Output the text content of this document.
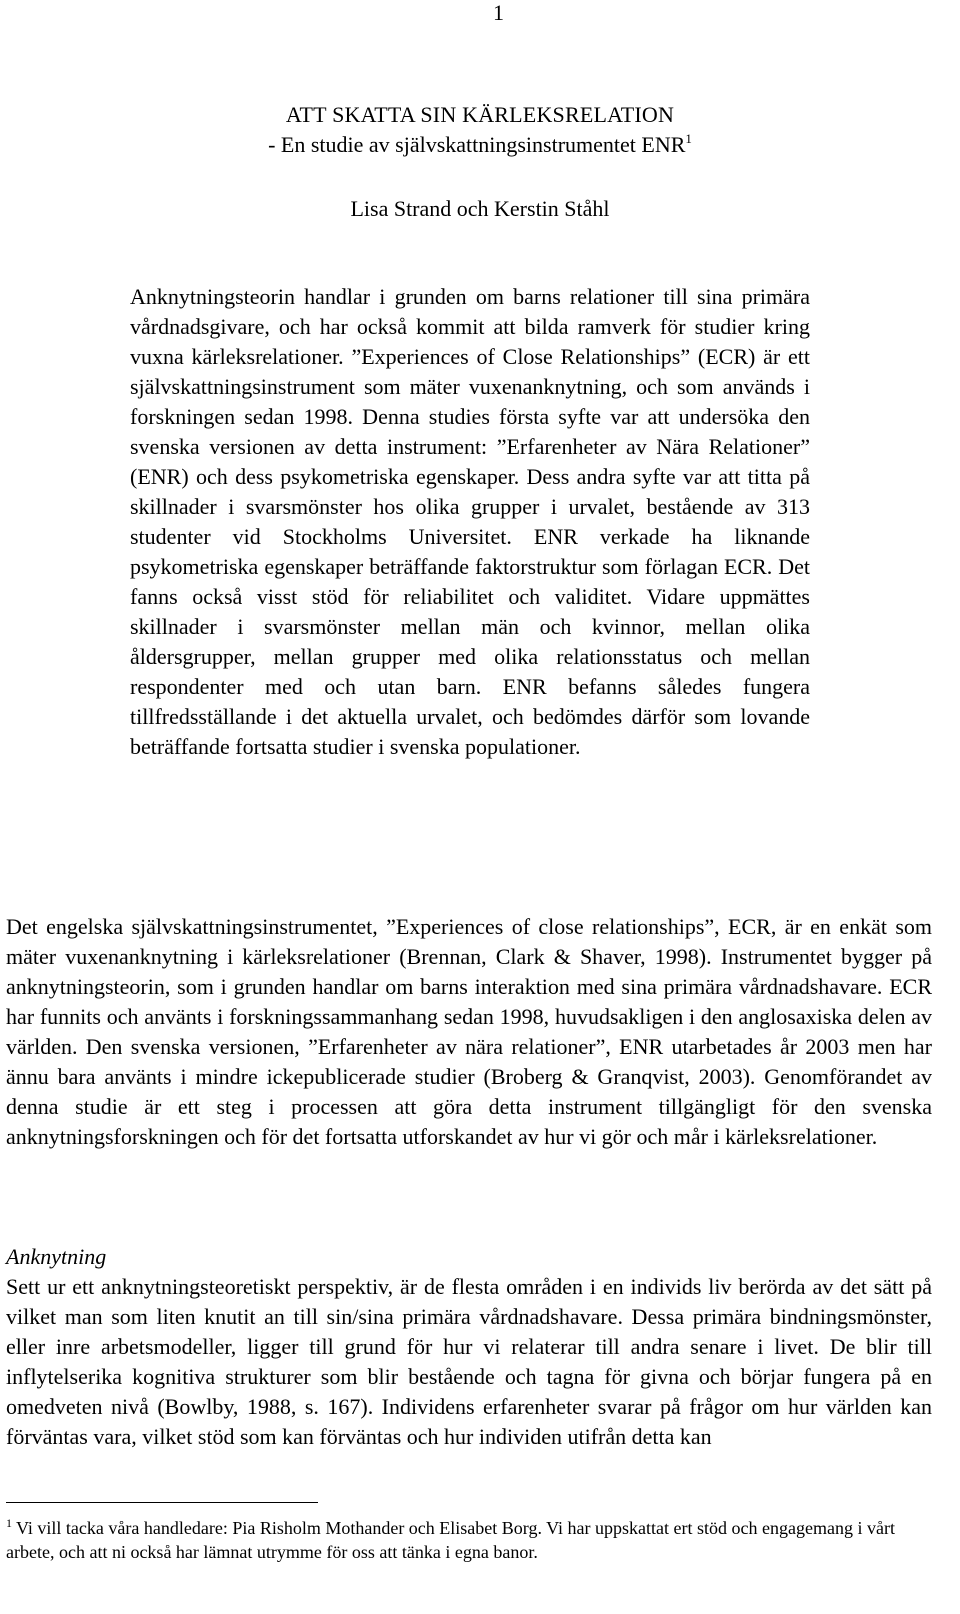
1
ATT SKATTA SIN KÄRLEKSRELATION
- En studie av självskattningsinstrumentet ENR$^1$
Lisa Strand och Kerstin Ståhl

Anknytningsteorin handlar i grunden om barns relationer till sina primära vårdnadsgivare, och har också kommit att bilda ramverk för studier kring vuxna kärleksrelationer. ”Experiences of Close Relationships” (ECR) är ett självskattningsinstrument som mäter vuxenanknytning, och som används i forskningen sedan 1998. Denna studies första syfte var att undersöka den svenska versionen av detta instrument: ”Erfarenheter av Nära Relationer” (ENR) och dess psykometriska egenskaper. Dess andra syfte var att titta på skillnader i svarsmönster hos olika grupper i urvalet, bestående av 313 studenter vid Stockholms Universitet. ENR verkade ha liknande psykometriska egenskaper beträffande faktorstruktur som förlagan ECR. Det fanns också visst stöd för reliabilitet och validitet. Vidare uppmättes skillnader i svarsmönster mellan män och kvinnor, mellan olika åldersgrupper, mellan grupper med olika relationsstatus och mellan respondenter med och utan barn. ENR befanns således fungera tillfredsställande i det aktuella urvalet, och bedömdes därför som lovande beträffande fortsatta studier i svenska populationer.

Det engelska självskattningsinstrumentet, ”Experiences of close relationships”, ECR, är en enkät som mäter vuxenanknytning i kärleksrelationer (Brennan, Clark & Shaver, 1998). Instrumentet bygger på anknytningsteorin, som i grunden handlar om barns interaktion med sina primära vårdnadshavare. ECR har funnits och använts i forskningssammanhang sedan 1998, huvudsakligen i den anglosaxiska delen av världen. Den svenska versionen, ”Erfarenheter av nära relationer”, ENR utarbetades år 2003 men har ännu bara använts i mindre ickepublicerade studier (Broberg & Granqvist, 2003). Genomförandet av denna studie är ett steg i processen att göra detta instrument tillgängligt för den svenska anknytningsforskningen och för det fortsatta utforskandet av hur vi gör och mår i kärleksrelationer.

Anknytning

Sett ur ett anknytningsteoretiskt perspektiv, är de flesta områden i en individs liv berörda av det sätt på vilket man som liten knutit an till sin/sina primära vårdnadshavare. Dessa primära bindningsmönster, eller inre arbetsmodeller, ligger till grund för hur vi relaterar till andra senare i livet. De blir till inflytelserika kognitiva strukturer som blir bestående och tagna för givna och börjar fungera på en omedveten nivå (Bowlby, 1988, s. 167). Individens erfarenheter svarar på frågor om hur världen kan förväntas vara, vilket stöd som kan förväntas och hur individen utifrån detta kan

$^1$ Vi vill tacka våra handledare: Pia Risholm Mothander och Elisabet Borg. Vi har uppskattat ert stöd och engagemang i vårt arbete, och att ni också har lämnat utrymme för oss att tänka i egna banor.
